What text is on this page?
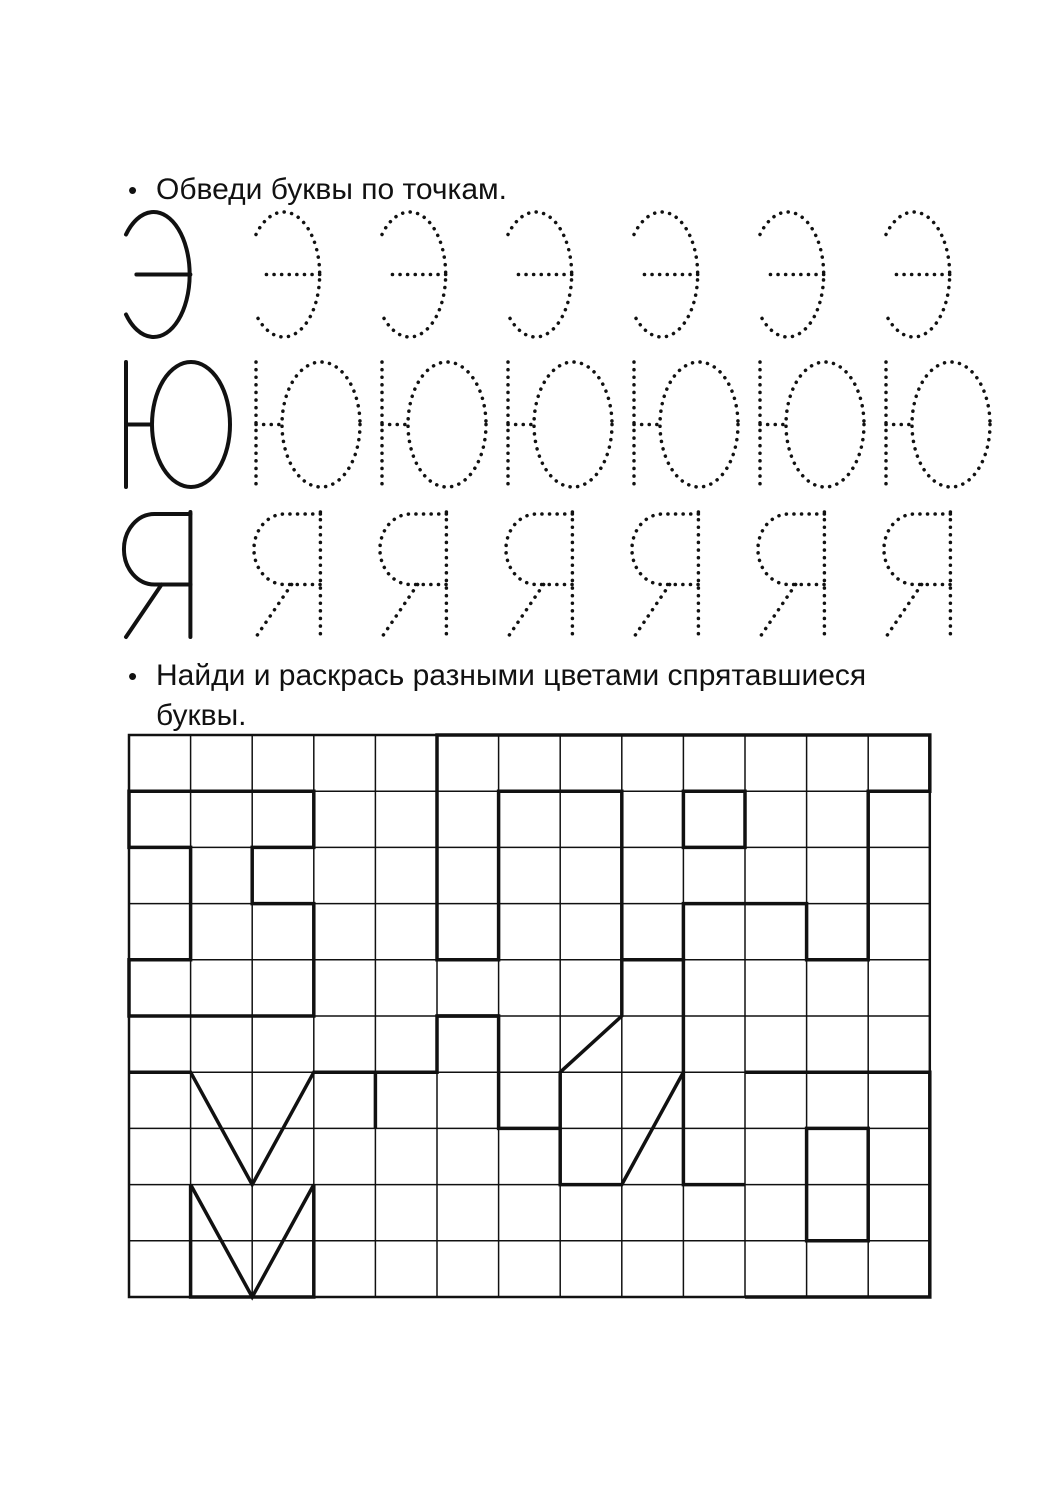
• Обведи буквы по точкам.
• Найди и раскрась разными цветами спрятавшиеся буквы.
